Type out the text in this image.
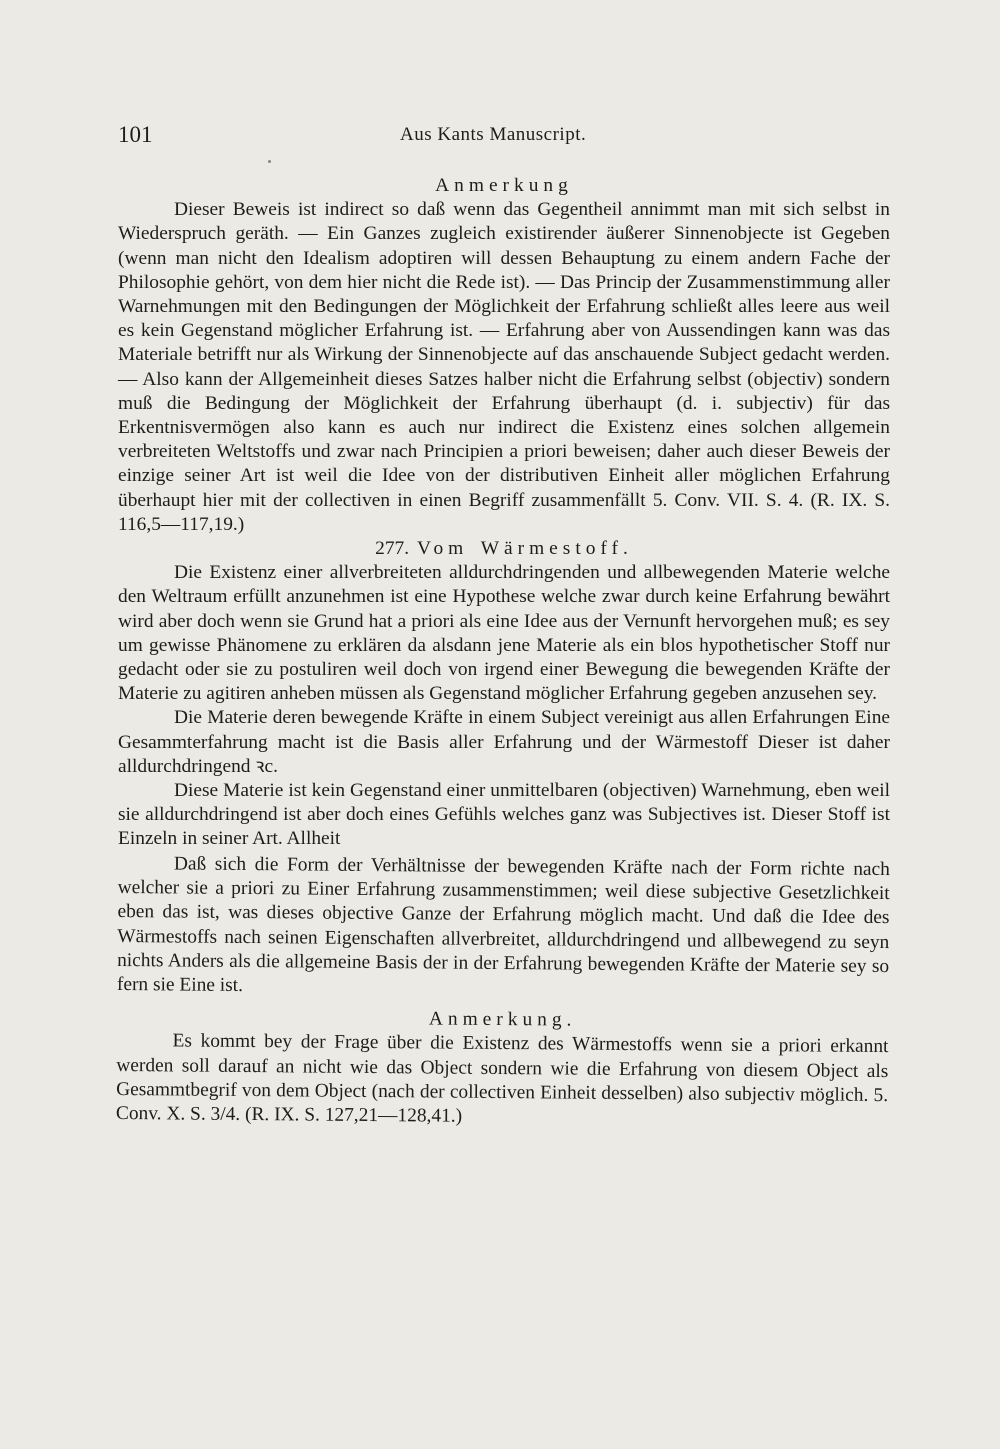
101	Aus Kants Manuscript.

Anmerkung

Dieser Beweis ist indirect so daß wenn das Gegentheil annimmt man mit sich selbst in Wiederspruch geräth. — Ein Ganzes zugleich existirender äußerer Sinnenobjecte ist Gegeben (wenn man nicht den Idealism adoptiren will dessen Behauptung zu einem andern Fache der Philosophie gehört, von dem hier nicht die Rede ist). — Das Princip der Zusammenstimmung aller Warnehmungen mit den Bedingungen der Möglichkeit der Erfahrung schließt alles leere aus weil es kein Gegenstand möglicher Erfahrung ist. — Erfahrung aber von Aussendingen kann was das Materiale betrifft nur als Wirkung der Sinnenobjecte auf das anschauende Subject gedacht werden. — Also kann der Allgemeinheit dieses Satzes halber nicht die Erfahrung selbst (objectiv) sondern muß die Bedingung der Möglichkeit der Erfahrung überhaupt (d. i. subjectiv) für das Erkentnisvermögen also kann es auch nur indirect die Existenz eines solchen allgemein verbreiteten Weltstoffs und zwar nach Principien a priori beweisen; daher auch dieser Beweis der einzige seiner Art ist weil die Idee von der distributiven Einheit aller möglichen Erfahrung überhaupt hier mit der collectiven in einen Begriff zusammenfällt 5. Conv. VII. S. 4. (R. IX. S. 116,5—117,19.)

277. Vom Wärmestoff.

Die Existenz einer allverbreiteten alldurchdringenden und allbewegenden Materie welche den Weltraum erfüllt anzunehmen ist eine Hypothese welche zwar durch keine Erfahrung bewährt wird aber doch wenn sie Grund hat a priori als eine Idee aus der Vernunft hervorgehen muß; es sey um gewisse Phänomene zu erklären da alsdann jene Materie als ein blos hypothetischer Stoff nur gedacht oder sie zu postuliren weil doch von irgend einer Bewegung die bewegenden Kräfte der Materie zu agitiren anheben müssen als Gegenstand möglicher Erfahrung gegeben anzusehen sey.

Die Materie deren bewegende Kräfte in einem Subject vereinigt aus allen Erfahrungen Eine Gesammterfahrung macht ist die Basis aller Erfahrung und der Wärmestoff Dieser ist daher alldurchdringend ꝛc.

Diese Materie ist kein Gegenstand einer unmittelbaren (objectiven) Warnehmung, eben weil sie alldurchdringend ist aber doch eines Gefühls welches ganz was Subjectives ist. Dieser Stoff ist Einzeln in seiner Art. Allheit

Daß sich die Form der Verhältnisse der bewegenden Kräfte nach der Form richte nach welcher sie a priori zu Einer Erfahrung zusammenstimmen; weil diese subjective Gesetzlichkeit eben das ist, was dieses objective Ganze der Erfahrung möglich macht. Und daß die Idee des Wärmestoffs nach seinen Eigenschaften allverbreitet, alldurchdringend und allbewegend zu seyn nichts Anders als die allgemeine Basis der in der Erfahrung bewegenden Kräfte der Materie sey so fern sie Eine ist.

Anmerkung.

Es kommt bey der Frage über die Existenz des Wärmestoffs wenn sie a priori erkannt werden soll darauf an nicht wie das Object sondern wie die Erfahrung von diesem Object als Gesammtbegrif von dem Object (nach der collectiven Einheit desselben) also subjectiv möglich. 5. Conv. X. S. 3/4. (R. IX. S. 127,21—128,41.)
